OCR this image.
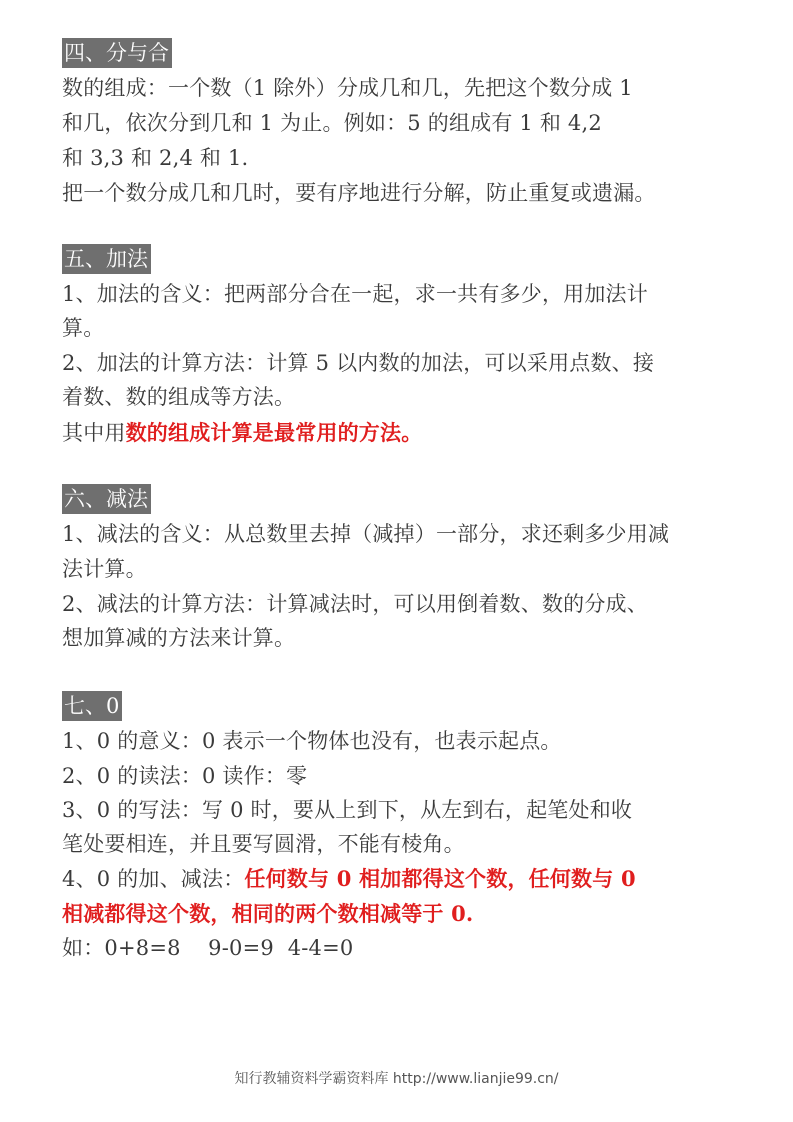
四、分与合
数的组成：一个数（1 除外）分成几和几，先把这个数分成 1
和几，依次分到几和 1 为止。例如：5 的组成有 1 和 4,2
和 3,3 和 2,4 和 1.
把一个数分成几和几时，要有序地进行分解，防止重复或遗漏。
五、加法
1、加法的含义：把两部分合在一起，求一共有多少，用加法计
算。
2、加法的计算方法：计算 5 以内数的加法，可以采用点数、接
着数、数的组成等方法。
其中用数的组成计算是最常用的方法。
六、减法
1、减法的含义：从总数里去掉（减掉）一部分，求还剩多少用减
法计算。
2、减法的计算方法：计算减法时，可以用倒着数、数的分成、
想加算减的方法来计算。
七、0
1、0 的意义：0 表示一个物体也没有，也表示起点。
2、0 的读法：0 读作：零
3、0 的写法：写 0 时，要从上到下，从左到右，起笔处和收
笔处要相连，并且要写圆滑，不能有棱角。
4、0 的加、减法：任何数与 0 相加都得这个数，任何数与 0
相减都得这个数，相同的两个数相减等于 0.
如：0+8=8    9-0=9  4-4=0
知行教辅资料学霸资料库 http://www.lianjie99.cn/
